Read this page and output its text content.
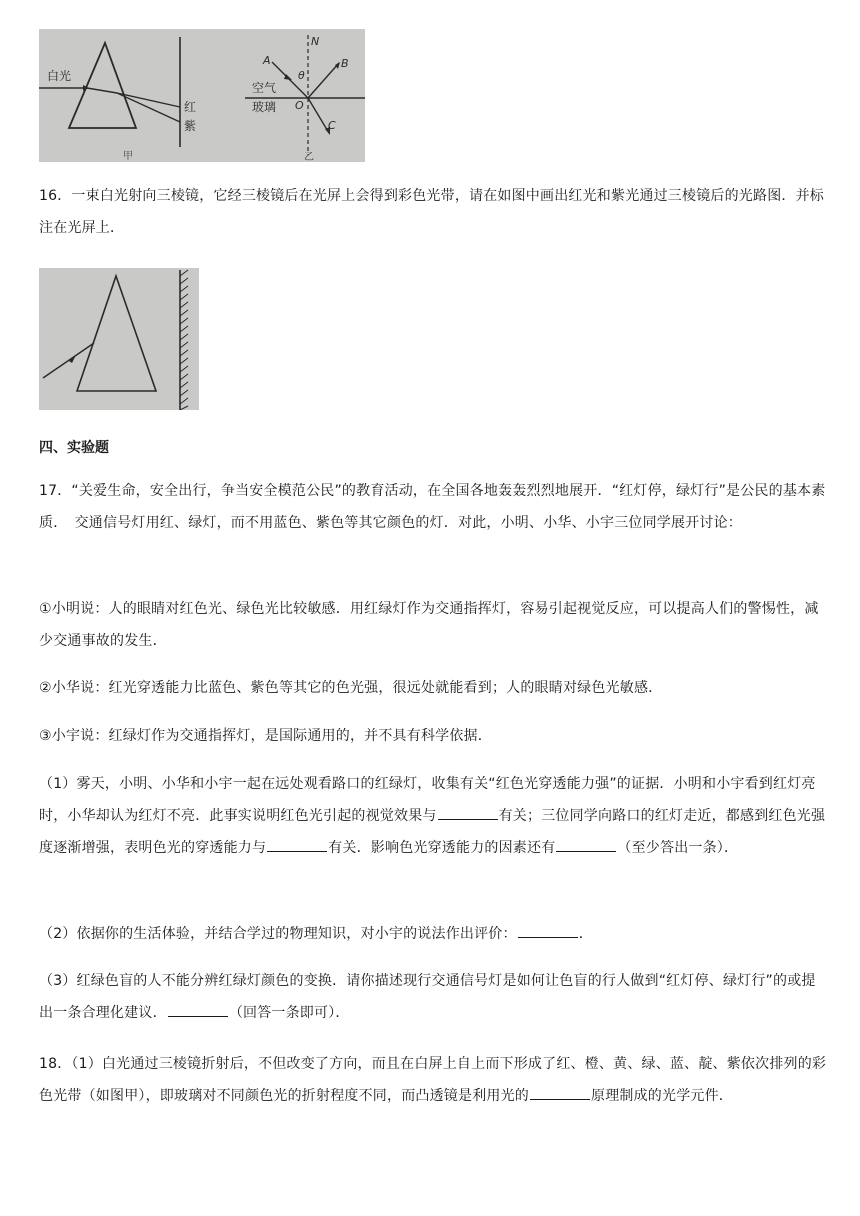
白光
红
紫
甲
N
A	B
θ
O
C
空气
玻璃
乙
16．一束白光射向三棱镜，它经三棱镜后在光屏上会得到彩色光带，请在如图中画出红光和紫光通过三棱镜后的光路图．并标注在光屏上．
四、实验题
17．“关爱生命，安全出行，争当安全模范公民”的教育活动，在全国各地轰轰烈烈地展开．“红灯停，绿灯行”是公民的基本素质．　交通信号灯用红、绿灯，而不用蓝色、紫色等其它颜色的灯．对此，小明、小华、小宇三位同学展开讨论：
①小明说：人的眼睛对红色光、绿色光比较敏感．用红绿灯作为交通指挥灯，容易引起视觉反应，可以提高人们的警惕性，减少交通事故的发生．
②小华说：红光穿透能力比蓝色、紫色等其它的色光强，很远处就能看到；人的眼睛对绿色光敏感．
③小宇说：红绿灯作为交通指挥灯，是国际通用的，并不具有科学依据．
（1）雾天，小明、小华和小宇一起在远处观看路口的红绿灯，收集有关“红色光穿透能力强”的证据．小明和小宇看到红灯亮时，小华却认为红灯不亮．此事实说明红色光引起的视觉效果与	有关；三位同学向路口的红灯走近，都感到红色光强度逐渐增强，表明色光的穿透能力与	有关．影响色光穿透能力的因素还有	（至少答出一条）．
（2）依据你的生活体验，并结合学过的物理知识，对小宇的说法作出评价：	．
（3）红绿色盲的人不能分辨红绿灯颜色的变换．请你描述现行交通信号灯是如何让色盲的行人做到“红灯停、绿灯行”的或提出一条合理化建议．	（回答一条即可）．
18．（1）白光通过三棱镜折射后，不但改变了方向，而且在白屏上自上而下形成了红、橙、黄、绿、蓝、靛、紫依次排列的彩色光带（如图甲），即玻璃对不同颜色光的折射程度不同，而凸透镜是利用光的	原理制成的光学元件．
